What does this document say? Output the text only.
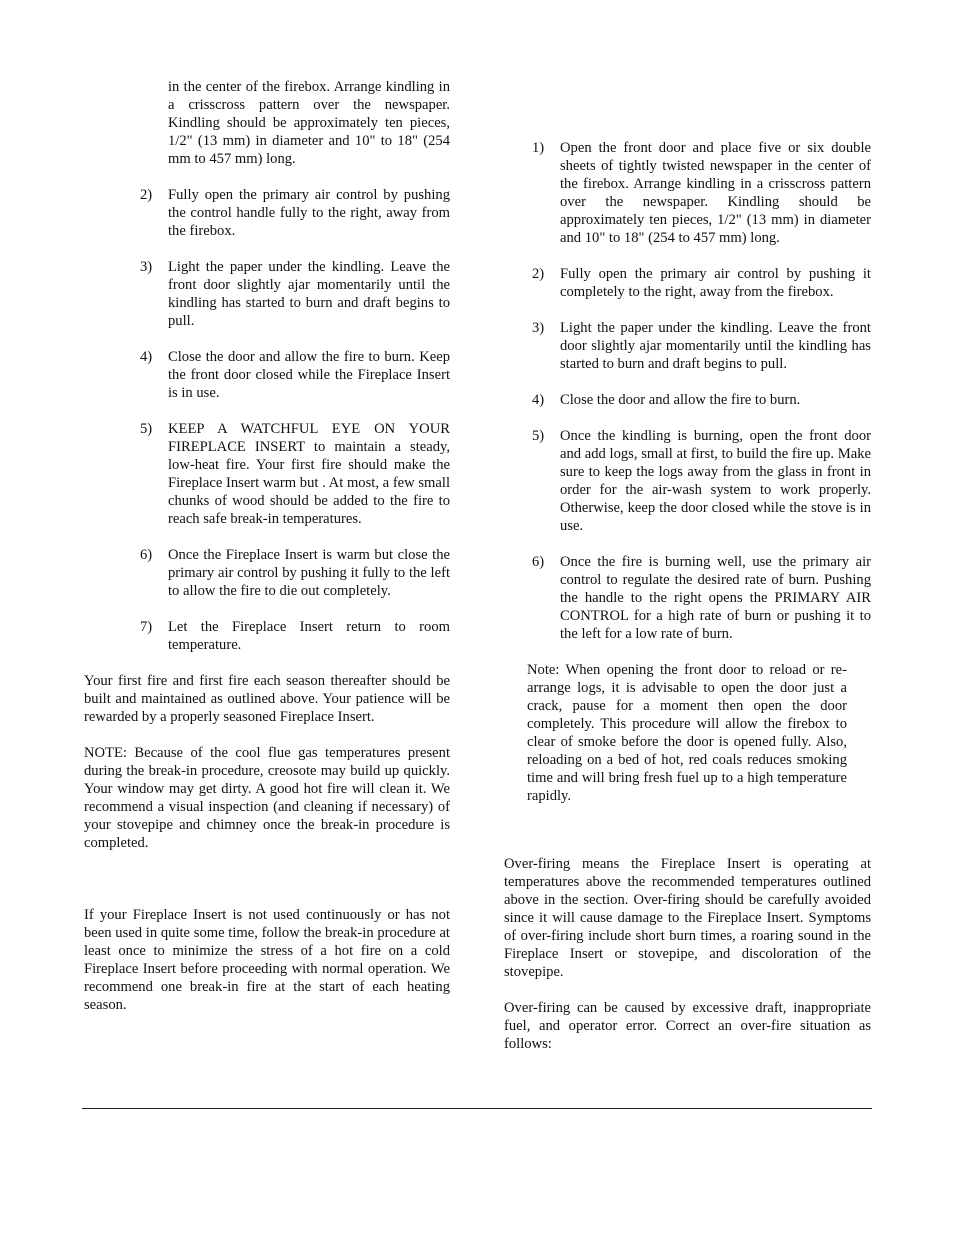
in the center of the firebox. Arrange kindling in a crisscross pattern over the newspaper. Kindling should be approximately ten pieces, 1/2" (13 mm) in diameter and 10" to 18" (254 mm to 457 mm) long.
2)	Fully open the primary air control by pushing the control handle fully to the right, away from the firebox.
3)	Light the paper under the kindling. Leave the front door slightly ajar momentarily until the kindling has started to burn and draft begins to pull.
4)	Close the door and allow the fire to burn. Keep the front door closed while the Fireplace Insert is in use.
5)	KEEP A WATCHFUL EYE ON YOUR FIREPLACE INSERT to maintain a steady, low-heat fire. Your first fire should make the Fireplace Insert warm but . At most, a few small chunks of wood should be added to the fire to reach safe break-in temperatures.
6)	Once the Fireplace Insert is warm but close the primary air control by pushing it fully to the left to allow the fire to die out completely.
7)	Let the Fireplace Insert return to room temperature.
Your first fire and first fire each season thereafter should be built and maintained as outlined above. Your patience will be rewarded by a properly seasoned Fireplace Insert.
NOTE: Because of the cool flue gas temperatures present during the break-in procedure, creosote may build up quickly. Your window may get dirty. A good hot fire will clean it. We recommend a visual inspection (and cleaning if necessary) of your stovepipe and chimney once the break-in procedure is completed.
If your Fireplace Insert is not used continuously or has not been used in quite some time, follow the break-in procedure at least once to minimize the stress of a hot fire on a cold Fireplace Insert before proceeding with normal operation. We recommend one break-in fire at the start of each heating season.
1)	Open the front door and place five or six double sheets of tightly twisted newspaper in the center of the firebox. Arrange kindling in a crisscross pattern over the newspaper. Kindling should be approximately ten pieces, 1/2" (13 mm) in diameter and 10" to 18" (254 to 457 mm) long.
2)	Fully open the primary air control by pushing it completely to the right, away from the firebox.
3)	Light the paper under the kindling. Leave the front door slightly ajar momentarily until the kindling has started to burn and draft begins to pull.
4)	Close the door and allow the fire to burn.
5)	Once the kindling is burning, open the front door and add logs, small at first, to build the fire up. Make sure to keep the logs away from the glass in front in order for the air-wash system to work properly. Otherwise, keep the door closed while the stove is in use.
6)	Once the fire is burning well, use the primary air control to regulate the desired rate of burn. Pushing the handle to the right opens the PRIMARY AIR CONTROL for a high rate of burn or pushing it to the left for a low rate of burn.
Note: When opening the front door to reload or re-arrange logs, it is advisable to open the door just a crack, pause for a moment then open the door completely. This procedure will allow the firebox to clear of smoke before the door is opened fully. Also, reloading on a bed of hot, red coals reduces smoking time and will bring fresh fuel up to a high temperature rapidly.
Over-firing means the Fireplace Insert is operating at temperatures above the recommended temperatures outlined above in the section. Over-firing should be carefully avoided since it will cause damage to the Fireplace Insert. Symptoms of over-firing include short burn times, a roaring sound in the Fireplace Insert or stovepipe, and discoloration of the stovepipe.
Over-firing can be caused by excessive draft, inappropriate fuel, and operator error. Correct an over-fire situation as follows:
